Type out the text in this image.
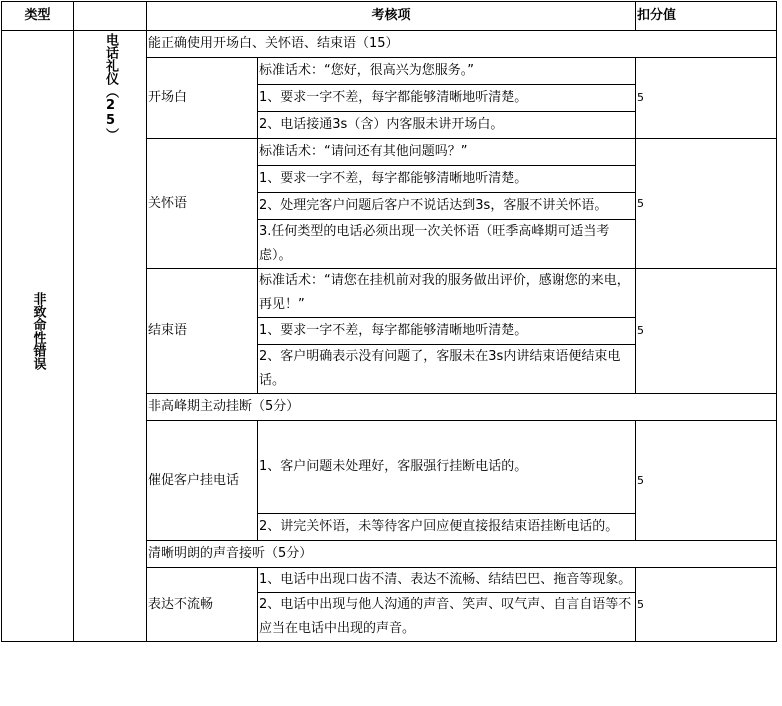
类型		考核项		扣分值
非致命性错误	电话礼仪（25）	能正确使用开场白、关怀语、结束语（15）		
		开场白	标准话术：“您好，很高兴为您服务。”	5
			1、要求一字不差，每字都能够清晰地听清楚。	
			2、电话接通3s（含）内客服未讲开场白。	
		关怀语	标准话术：“请问还有其他问题吗？”	5
			1、要求一字不差，每字都能够清晰地听清楚。	
			2、处理完客户问题后客户不说话达到3s，客服不讲关怀语。	
			3.任何类型的电话必须出现一次关怀语（旺季高峰期可适当考虑）。	
		结束语	标准话术：“请您在挂机前对我的服务做出评价，感谢您的来电，再见！”	5
			1、要求一字不差，每字都能够清晰地听清楚。	
			2、客户明确表示没有问题了，客服未在3s内讲结束语便结束电话。	
		非高峰期主动挂断（5分）		
		催促客户挂电话	1、客户问题未处理好，客服强行挂断电话的。	5
			2、讲完关怀语，未等待客户回应便直接报结束语挂断电话的。	
		清晰明朗的声音接听（5分）		
		表达不流畅	1、电话中出现口齿不清、表达不流畅、结结巴巴、拖音等现象。	5
			2、电话中出现与他人沟通的声音、笑声、叹气声、自言自语等不应当在电话中出现的声音。	
